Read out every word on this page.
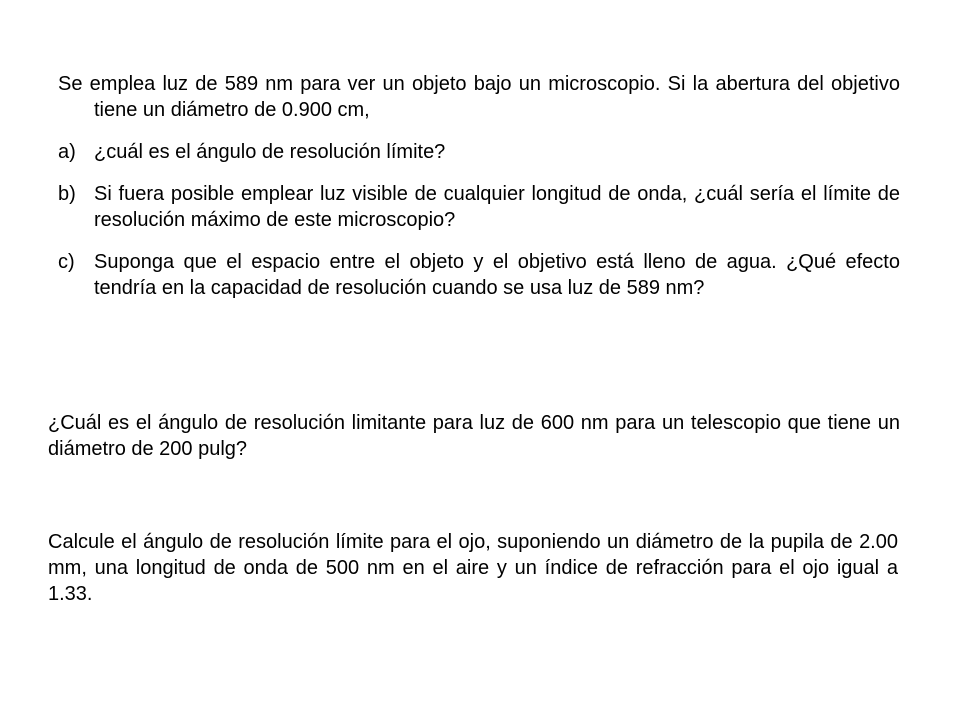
Se emplea luz de 589 nm para ver un objeto bajo un microscopio. Si la abertura del objetivo tiene un diámetro de 0.900 cm,

a) ¿cuál es el ángulo de resolución límite?
b) Si fuera posible emplear luz visible de cualquier longitud de onda, ¿cuál sería el límite de resolución máximo de este microscopio?
c) Suponga que el espacio entre el objeto y el objetivo está lleno de agua. ¿Qué efecto tendría en la capacidad de resolución cuando se usa luz de 589 nm?

¿Cuál es el ángulo de resolución limitante para luz de 600 nm para un telescopio que tiene un diámetro de 200 pulg?

Calcule el ángulo de resolución límite para el ojo, suponiendo un diámetro de la pupila de 2.00 mm, una longitud de onda de 500 nm en el aire y un índice de refracción para el ojo igual a 1.33.
